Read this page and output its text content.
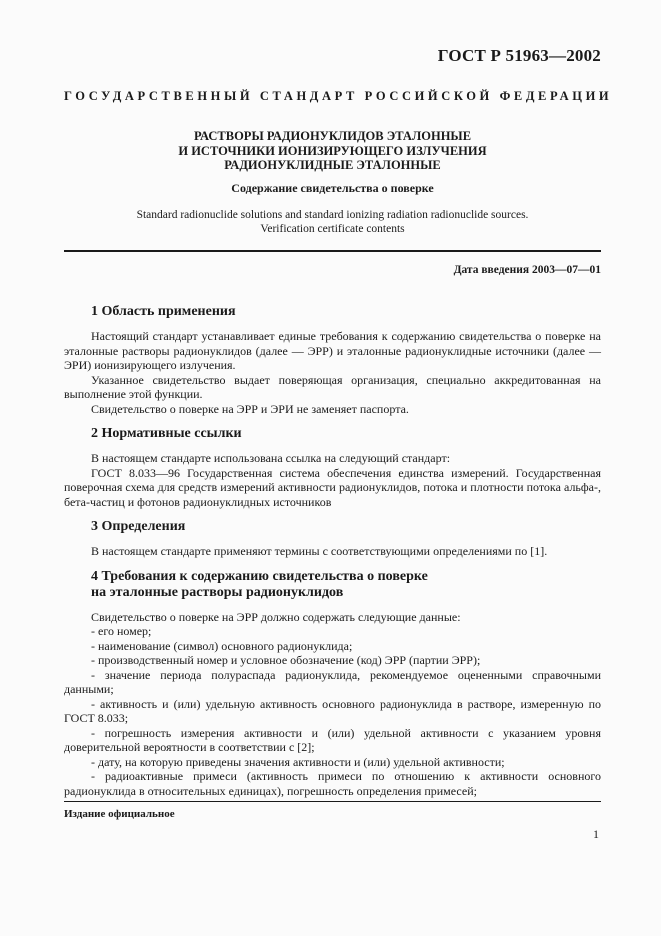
ГОСТ Р 51963—2002
ГОСУДАРСТВЕННЫЙ СТАНДАРТ РОССИЙСКОЙ ФЕДЕРАЦИИ
РАСТВОРЫ РАДИОНУКЛИДОВ ЭТАЛОННЫЕ
И ИСТОЧНИКИ ИОНИЗИРУЮЩЕГО ИЗЛУЧЕНИЯ
РАДИОНУКЛИДНЫЕ ЭТАЛОННЫЕ
Содержание свидетельства о поверке
Standard radionuclide solutions and standard ionizing radiation radionuclide sources.
Verification certificate contents
Дата введения 2003—07—01
1 Область применения

Настоящий стандарт устанавливает единые требования к содержанию свидетельства о поверке на эталонные растворы радионуклидов (далее — ЭРР) и эталонные радионуклидные источники (далее — ЭРИ) ионизирующего излучения.

Указанное свидетельство выдает поверяющая организация, специально аккредитованная на выполнение этой функции.

Свидетельство о поверке на ЭРР и ЭРИ не заменяет паспорта.

2 Нормативные ссылки

В настоящем стандарте использована ссылка на следующий стандарт:

ГОСТ 8.033—96 Государственная система обеспечения единства измерений. Государственная поверочная схема для средств измерений активности радионуклидов, потока и плотности потока альфа-, бета-частиц и фотонов радионуклидных источников

3 Определения

В настоящем стандарте применяют термины с соответствующими определениями по [1].

4 Требования к содержанию свидетельства о поверке
на эталонные растворы радионуклидов

Свидетельство о поверке на ЭРР должно содержать следующие данные:

- его номер;

- наименование (символ) основного радионуклида;

- производственный номер и условное обозначение (код) ЭРР (партии ЭРР);

- значение периода полураспада радионуклида, рекомендуемое оцененными справочными данными;

- активность и (или) удельную активность основного радионуклида в растворе, измеренную по ГОСТ 8.033;

- погрешность измерения активности и (или) удельной активности с указанием уровня доверительной вероятности в соответствии с [2];

- дату, на которую приведены значения активности и (или) удельной активности;

- радиоактивные примеси (активность примеси по отношению к активности основного радионуклида в относительных единицах), погрешность определения примесей;

Издание официальное
1
